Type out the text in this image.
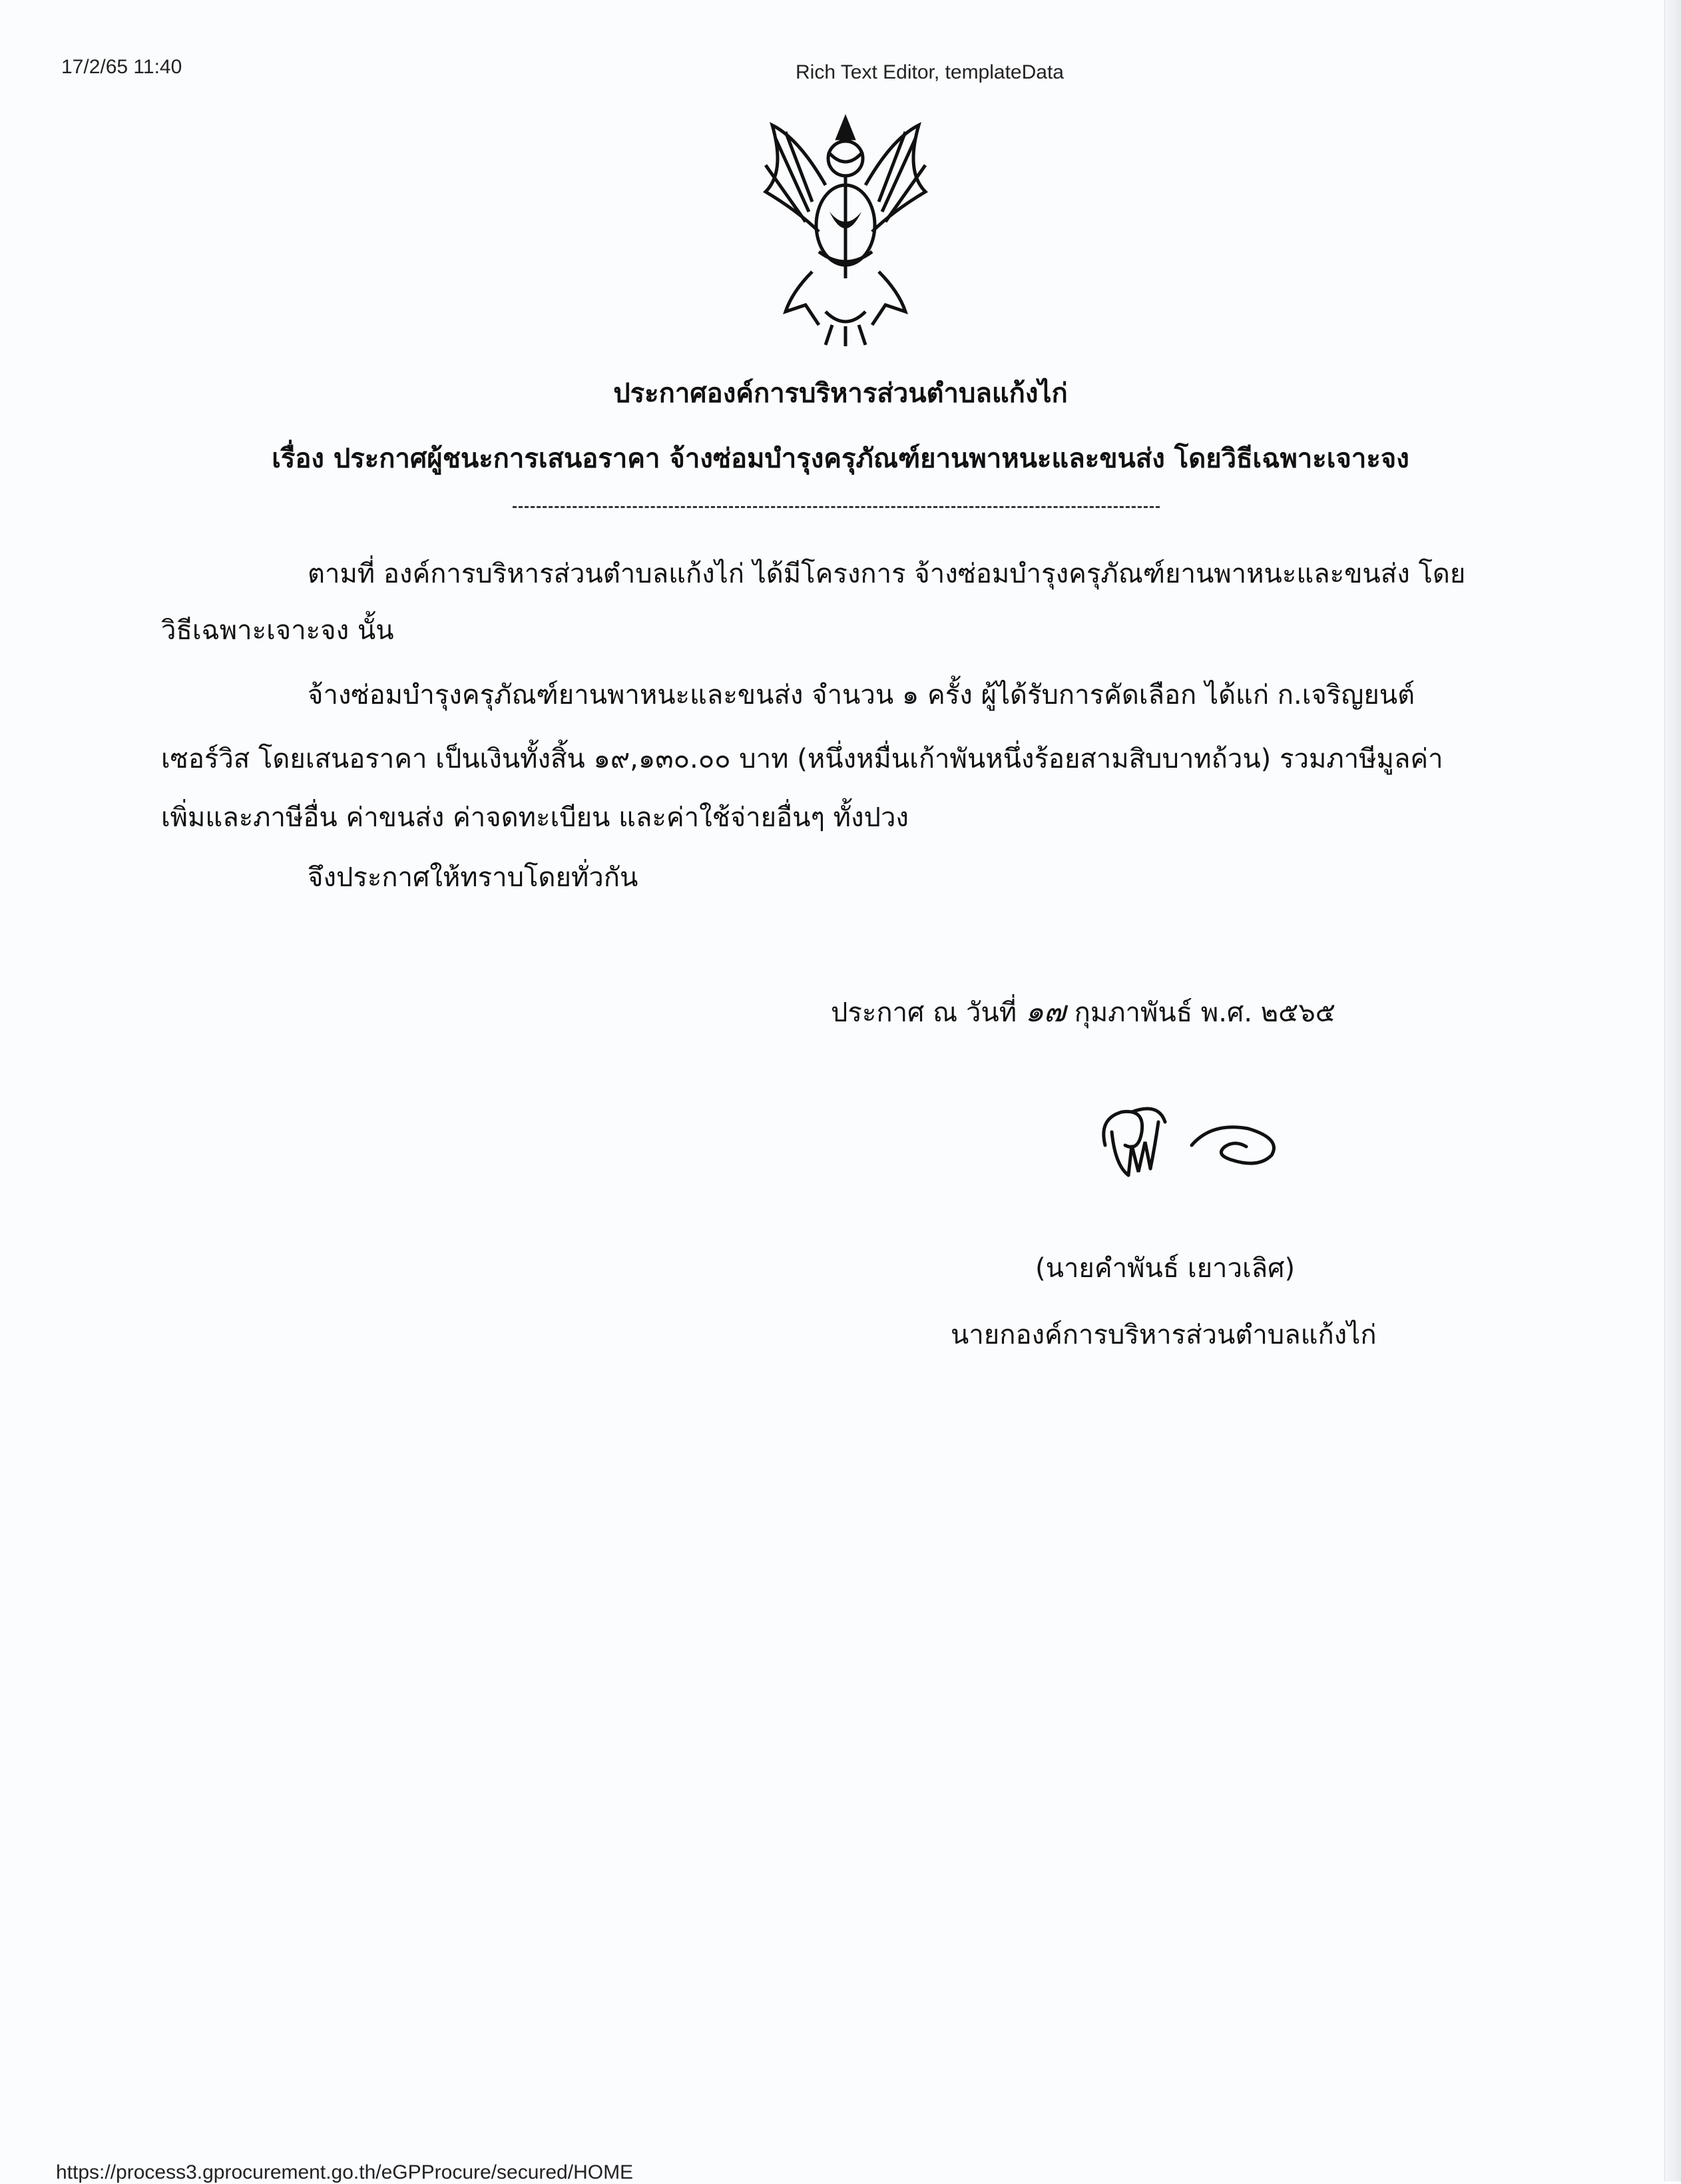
17/2/65 11:40	Rich Text Editor, templateData
ประกาศองค์การบริหารส่วนตำบลแก้งไก่
เรื่อง ประกาศผู้ชนะการเสนอราคา จ้างซ่อมบำรุงครุภัณฑ์ยานพาหนะและขนส่ง โดยวิธีเฉพาะเจาะจง
ตามที่ องค์การบริหารส่วนตำบลแก้งไก่ ได้มีโครงการ จ้างซ่อมบำรุงครุภัณฑ์ยานพาหนะและขนส่ง โดย
วิธีเฉพาะเจาะจง นั้น
จ้างซ่อมบำรุงครุภัณฑ์ยานพาหนะและขนส่ง จำนวน ๑ ครั้ง ผู้ได้รับการคัดเลือก ได้แก่ ก.เจริญยนต์
เซอร์วิส โดยเสนอราคา เป็นเงินทั้งสิ้น ๑๙,๑๓๐.๐๐ บาท (หนึ่งหมื่นเก้าพันหนึ่งร้อยสามสิบบาทถ้วน) รวมภาษีมูลค่า
เพิ่มและภาษีอื่น ค่าขนส่ง ค่าจดทะเบียน และค่าใช้จ่ายอื่นๆ ทั้งปวง
จึงประกาศให้ทราบโดยทั่วกัน
ประกาศ ณ วันที่ ๑๗ กุมภาพันธ์ พ.ศ. ๒๕๖๕
(นายคำพันธ์ เยาวเลิศ)
นายกองค์การบริหารส่วนตำบลแก้งไก่
https://process3.gprocurement.go.th/eGPProcure/secured/HOME
